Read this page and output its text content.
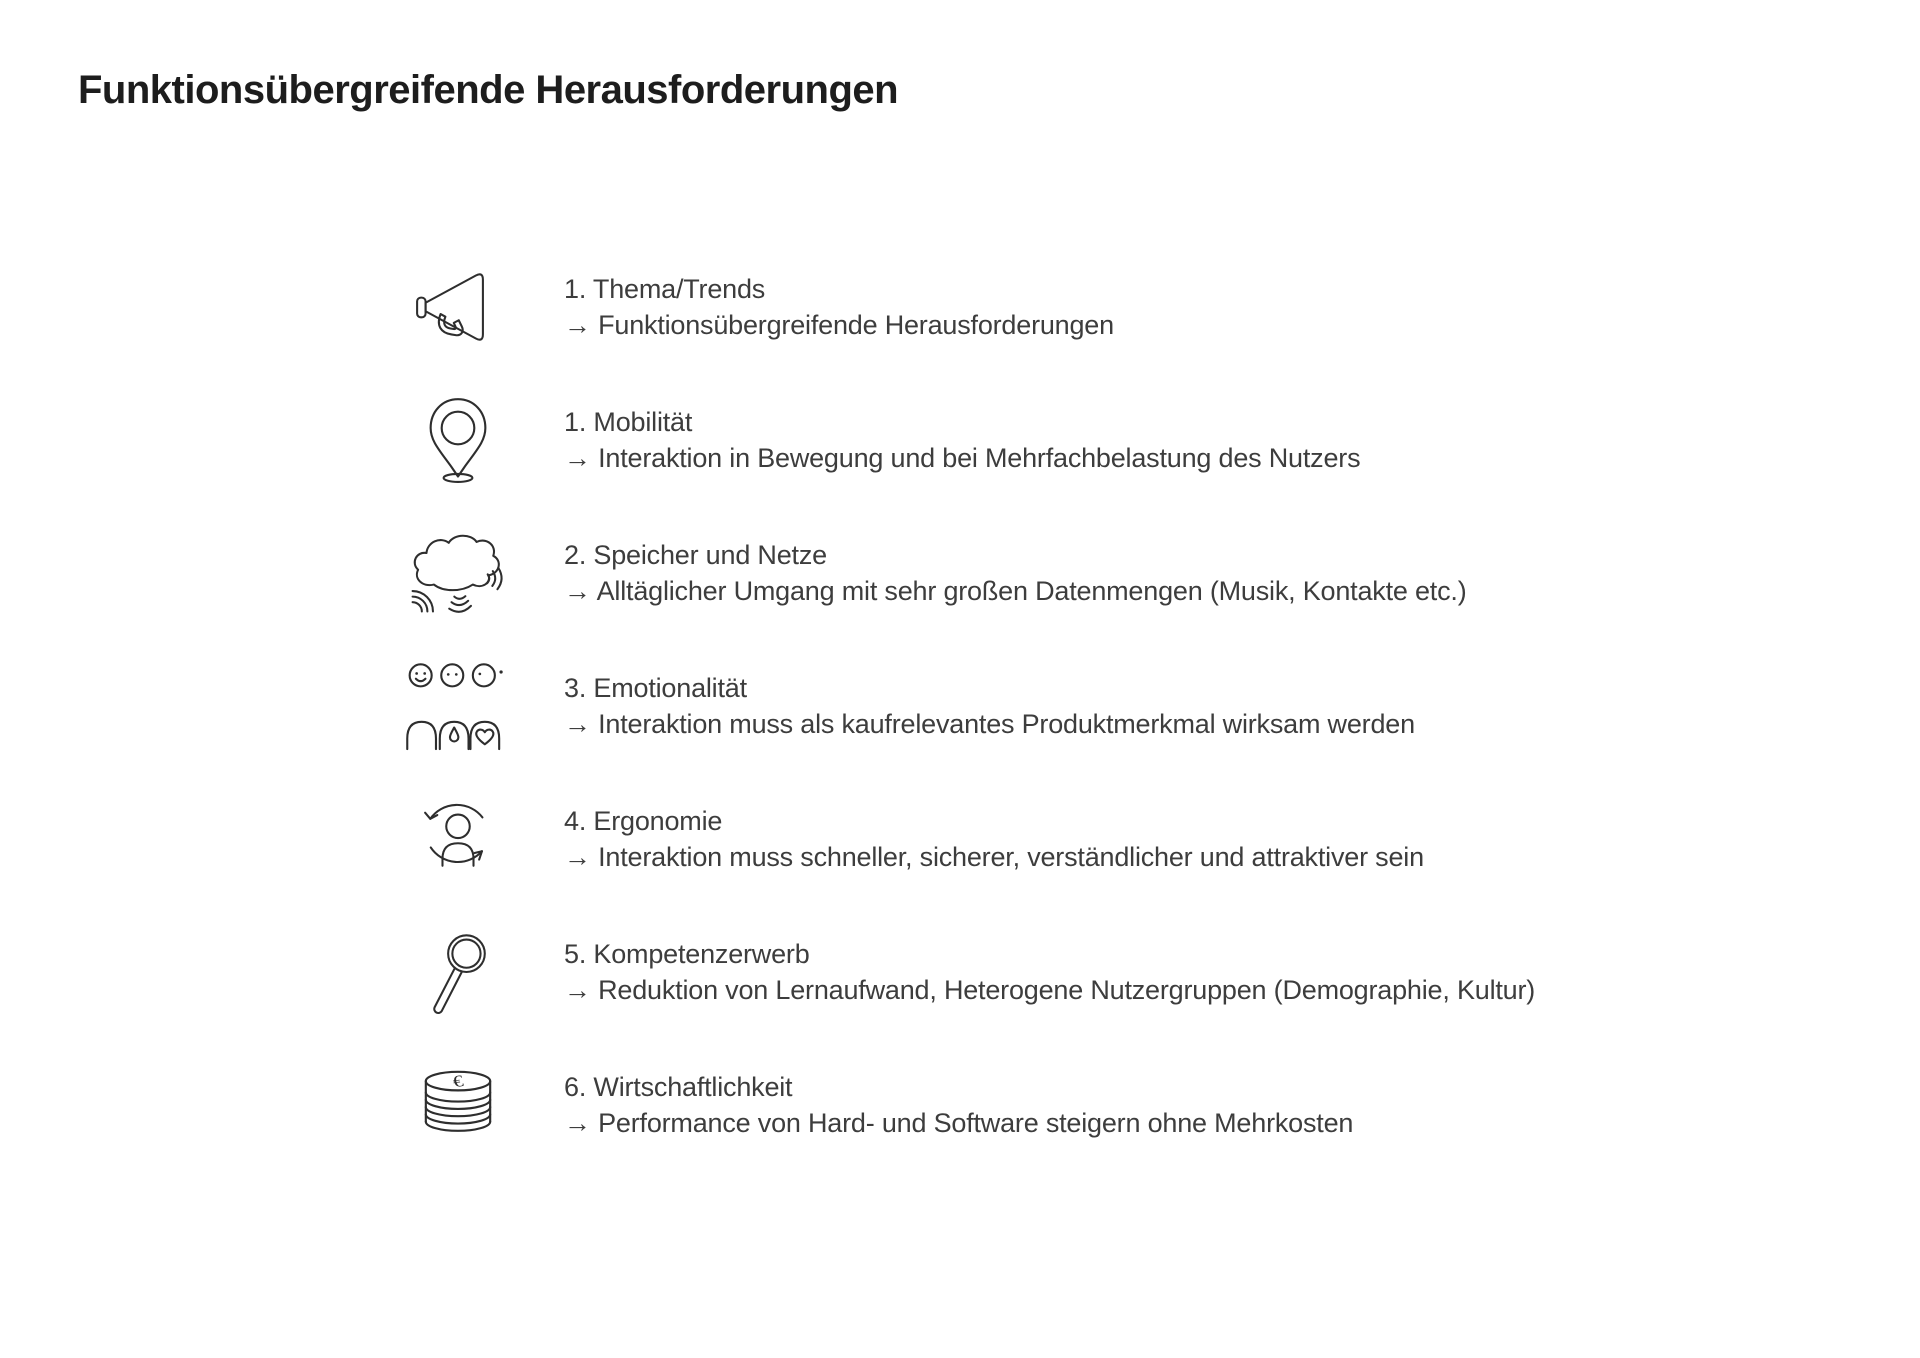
Funktionsübergreifende Herausforderungen
1. Thema/Trends
→ Funktionsübergreifende Herausforderungen
1. Mobilität
→ Interaktion in Bewegung und bei Mehrfachbelastung des Nutzers
2. Speicher und Netze
→ Alltäglicher Umgang mit sehr großen Datenmengen (Musik, Kontakte etc.)
3. Emotionalität
→ Interaktion muss als kaufrelevantes Produktmerkmal wirksam werden
4. Ergonomie
→ Interaktion muss schneller, sicherer, verständlicher und attraktiver sein
5. Kompetenzerwerb
→ Reduktion von Lernaufwand, Heterogene Nutzergruppen (Demographie, Kultur)
€	6. Wirtschaftlichkeit
→ Performance von Hard- und Software steigern ohne Mehrkosten
